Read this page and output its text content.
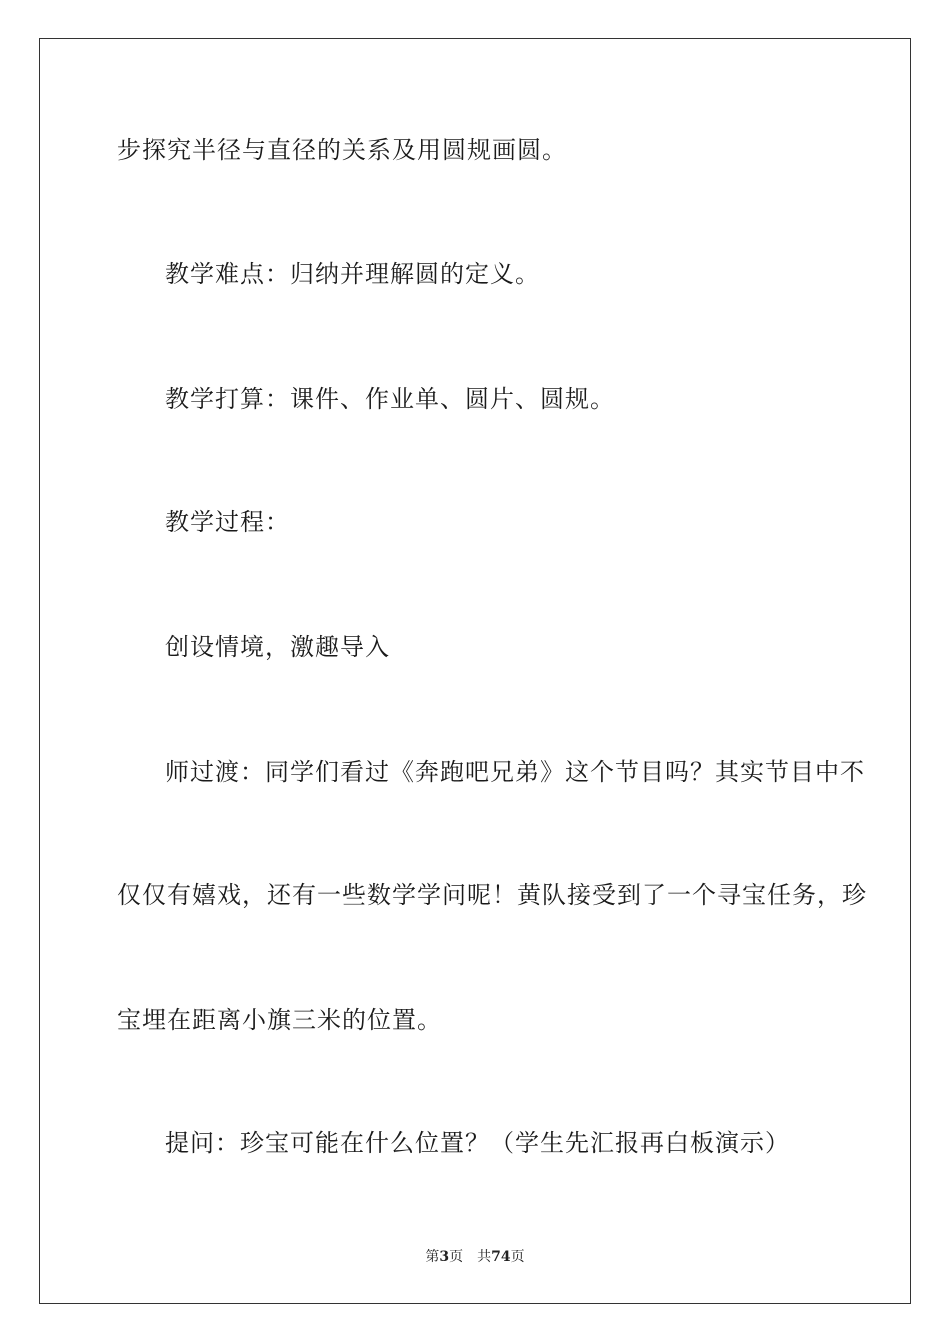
步探究半径与直径的关系及用圆规画圆。
教学难点：归纳并理解圆的定义。
教学打算：课件、作业单、圆片、圆规。
教学过程：
创设情境，激趣导入
师过渡：同学们看过《奔跑吧兄弟》这个节目吗？其实节目中不
仅仅有嬉戏，还有一些数学学问呢！黄队接受到了一个寻宝任务，珍
宝埋在距离小旗三米的位置。
提问：珍宝可能在什么位置？（学生先汇报再白板演示）
第3页 共74页
